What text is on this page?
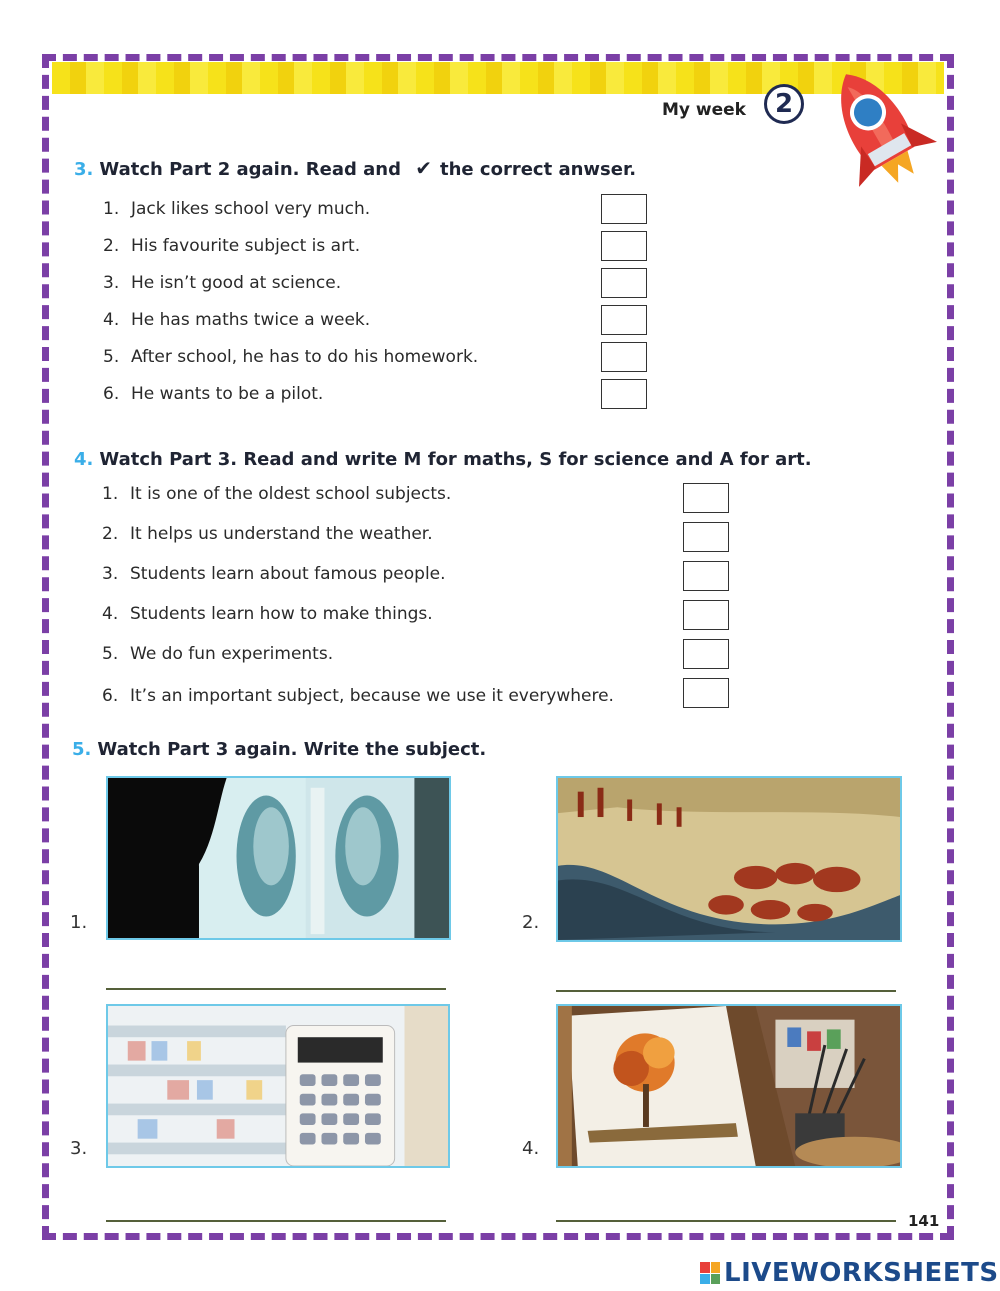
My week	2
3. Watch Part 2 again. Read and ✔ the correct anwser.
1. Jack likes school very much.
2. His favourite subject is art.
3. He isn’t good at science.
4. He has maths twice a week.
5. After school, he has to do his homework.
6. He wants to be a pilot.
4. Watch Part 3. Read and write M for maths, S for science and A for art.
1. It is one of the oldest school subjects.
2. It helps us understand the weather.
3. Students learn about famous people.
4. Students learn how to make things.
5. We do fun experiments.
6. It’s an important subject, because we use it everywhere.
5. Watch Part 3 again. Write the subject.
1.	2.
3.	4.
141
LIVEWORKSHEETS
